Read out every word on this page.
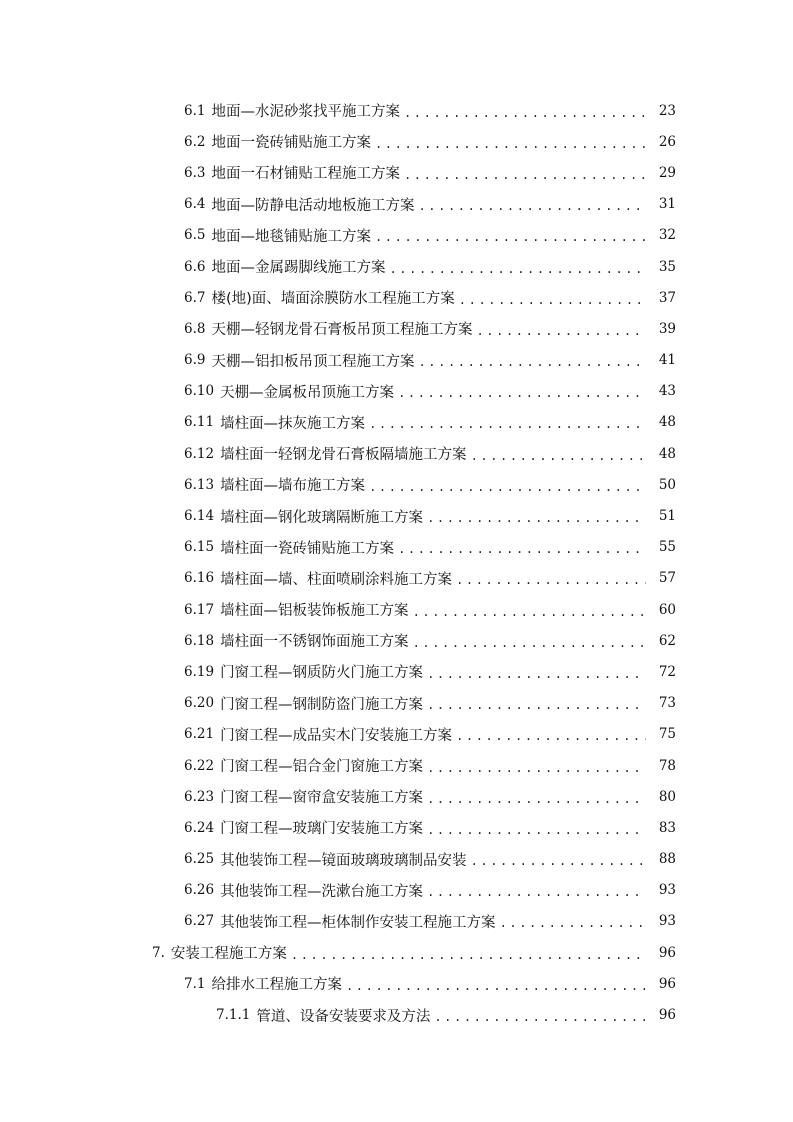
6.1 地面—水泥砂浆找平施工方案 .....	23
6.2 地面一瓷砖铺贴施工方案 .....	26
6.3 地面一石材铺贴工程施工方案 .....	29
6.4 地面—防静电活动地板施工方案 .....	31
6.5 地面—地毯铺贴施工方案 .....	32
6.6 地面—金属踢脚线施工方案 .....	35
6.7 楼(地)面、墙面涂膜防水工程施工方案 .....	37
6.8 天棚—轻钢龙骨石膏板吊顶工程施工方案 .....	39
6.9 天棚—铝扣板吊顶工程施工方案 .....	41
6.10 天棚—金属板吊顶施工方案 .....	43
6.11 墙柱面—抹灰施工方案 .....	48
6.12 墙柱面一轻钢龙骨石膏板隔墙施工方案 .....	48
6.13 墙柱面—墙布施工方案 .....	50
6.14 墙柱面—钢化玻璃隔断施工方案 .....	51
6.15 墙柱面一瓷砖铺贴施工方案 .....	55
6.16 墙柱面—墙、柱面喷刷涂料施工方案 .....	57
6.17 墙柱面—铝板装饰板施工方案 .....	60
6.18 墙柱面一不锈钢饰面施工方案 .....	62
6.19 门窗工程—钢质防火门施工方案 .....	72
6.20 门窗工程—钢制防盗门施工方案 .....	73
6.21 门窗工程—成品实木门安装施工方案 .....	75
6.22 门窗工程—铝合金门窗施工方案 .....	78
6.23 门窗工程—窗帘盒安装施工方案 .....	80
6.24 门窗工程—玻璃门安装施工方案 .....	83
6.25 其他装饰工程—镜面玻璃玻璃制品安装 .....	88
6.26 其他装饰工程—洗漱台施工方案 .....	93
6.27 其他装饰工程—柜体制作安装工程施工方案 .....	93
7. 安装工程施工方案 .....	96
7.1 给排水工程施工方案 .....	96
7.1.1 管道、设备安装要求及方法 .....	96
